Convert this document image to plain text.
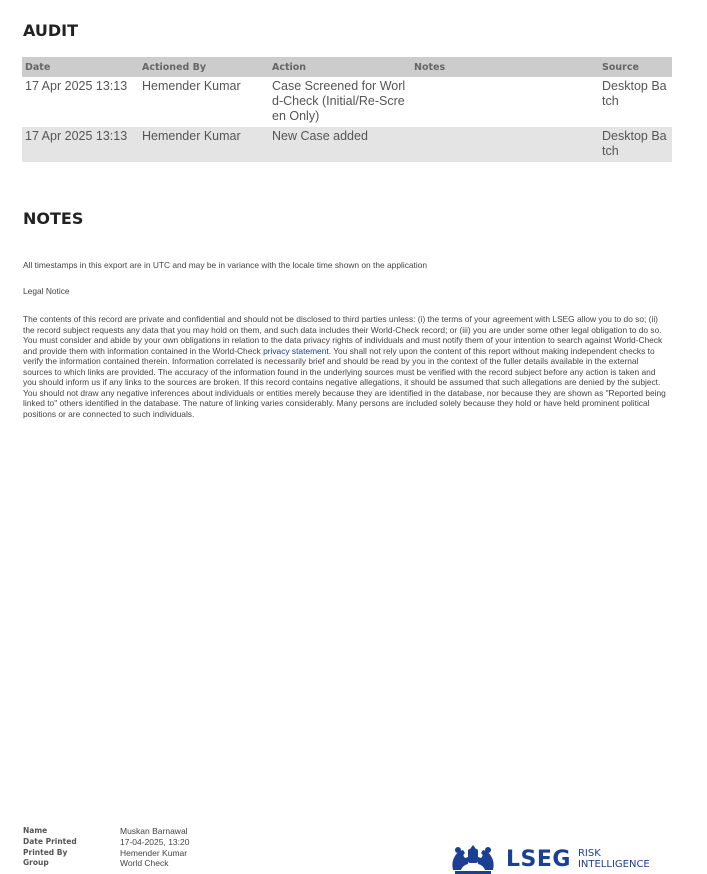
AUDIT
Date	Actioned By	Action	Notes	Source
17 Apr 2025 13:13	Hemender Kumar	Case Screened for World-Check (Initial/Re-Screen Only)		Desktop Batch
17 Apr 2025 13:13	Hemender Kumar	New Case added		Desktop Batch
NOTES

All timestamps in this export are in UTC and may be in variance with the locale time shown on the application

Legal Notice

The contents of this record are private and confidential and should not be disclosed to third parties unless: (i) the terms of your agreement with LSEG allow you to do so; (ii) the record subject requests any data that you may hold on them, and such data includes their World-Check record; or (iii) you are under some other legal obligation to do so. You must consider and abide by your own obligations in relation to the data privacy rights of individuals and must notify them of your intention to search against World-Check and provide them with information contained in the World-Check privacy statement. You shall not rely upon the content of this report without making independent checks to verify the information contained therein. Information correlated is necessarily brief and should be read by you in the context of the fuller details available in the external sources to which links are provided. The accuracy of the information found in the underlying sources must be verified with the record subject before any action is taken and you should inform us if any links to the sources are broken. If this record contains negative allegations, it should be assumed that such allegations are denied by the subject. You should not draw any negative inferences about individuals or entities merely because they are identified in the database, nor because they are shown as "Reported being linked to" others identified in the database. The nature of linking varies considerably. Many persons are included solely because they hold or have held prominent political positions or are connected to such individuals.

Name	Muskan Barnawal
Date Printed	17-04-2025, 13:20
Printed By	Hemender Kumar
Group	World Check	LSEG RISK
INTELLIGENCE
